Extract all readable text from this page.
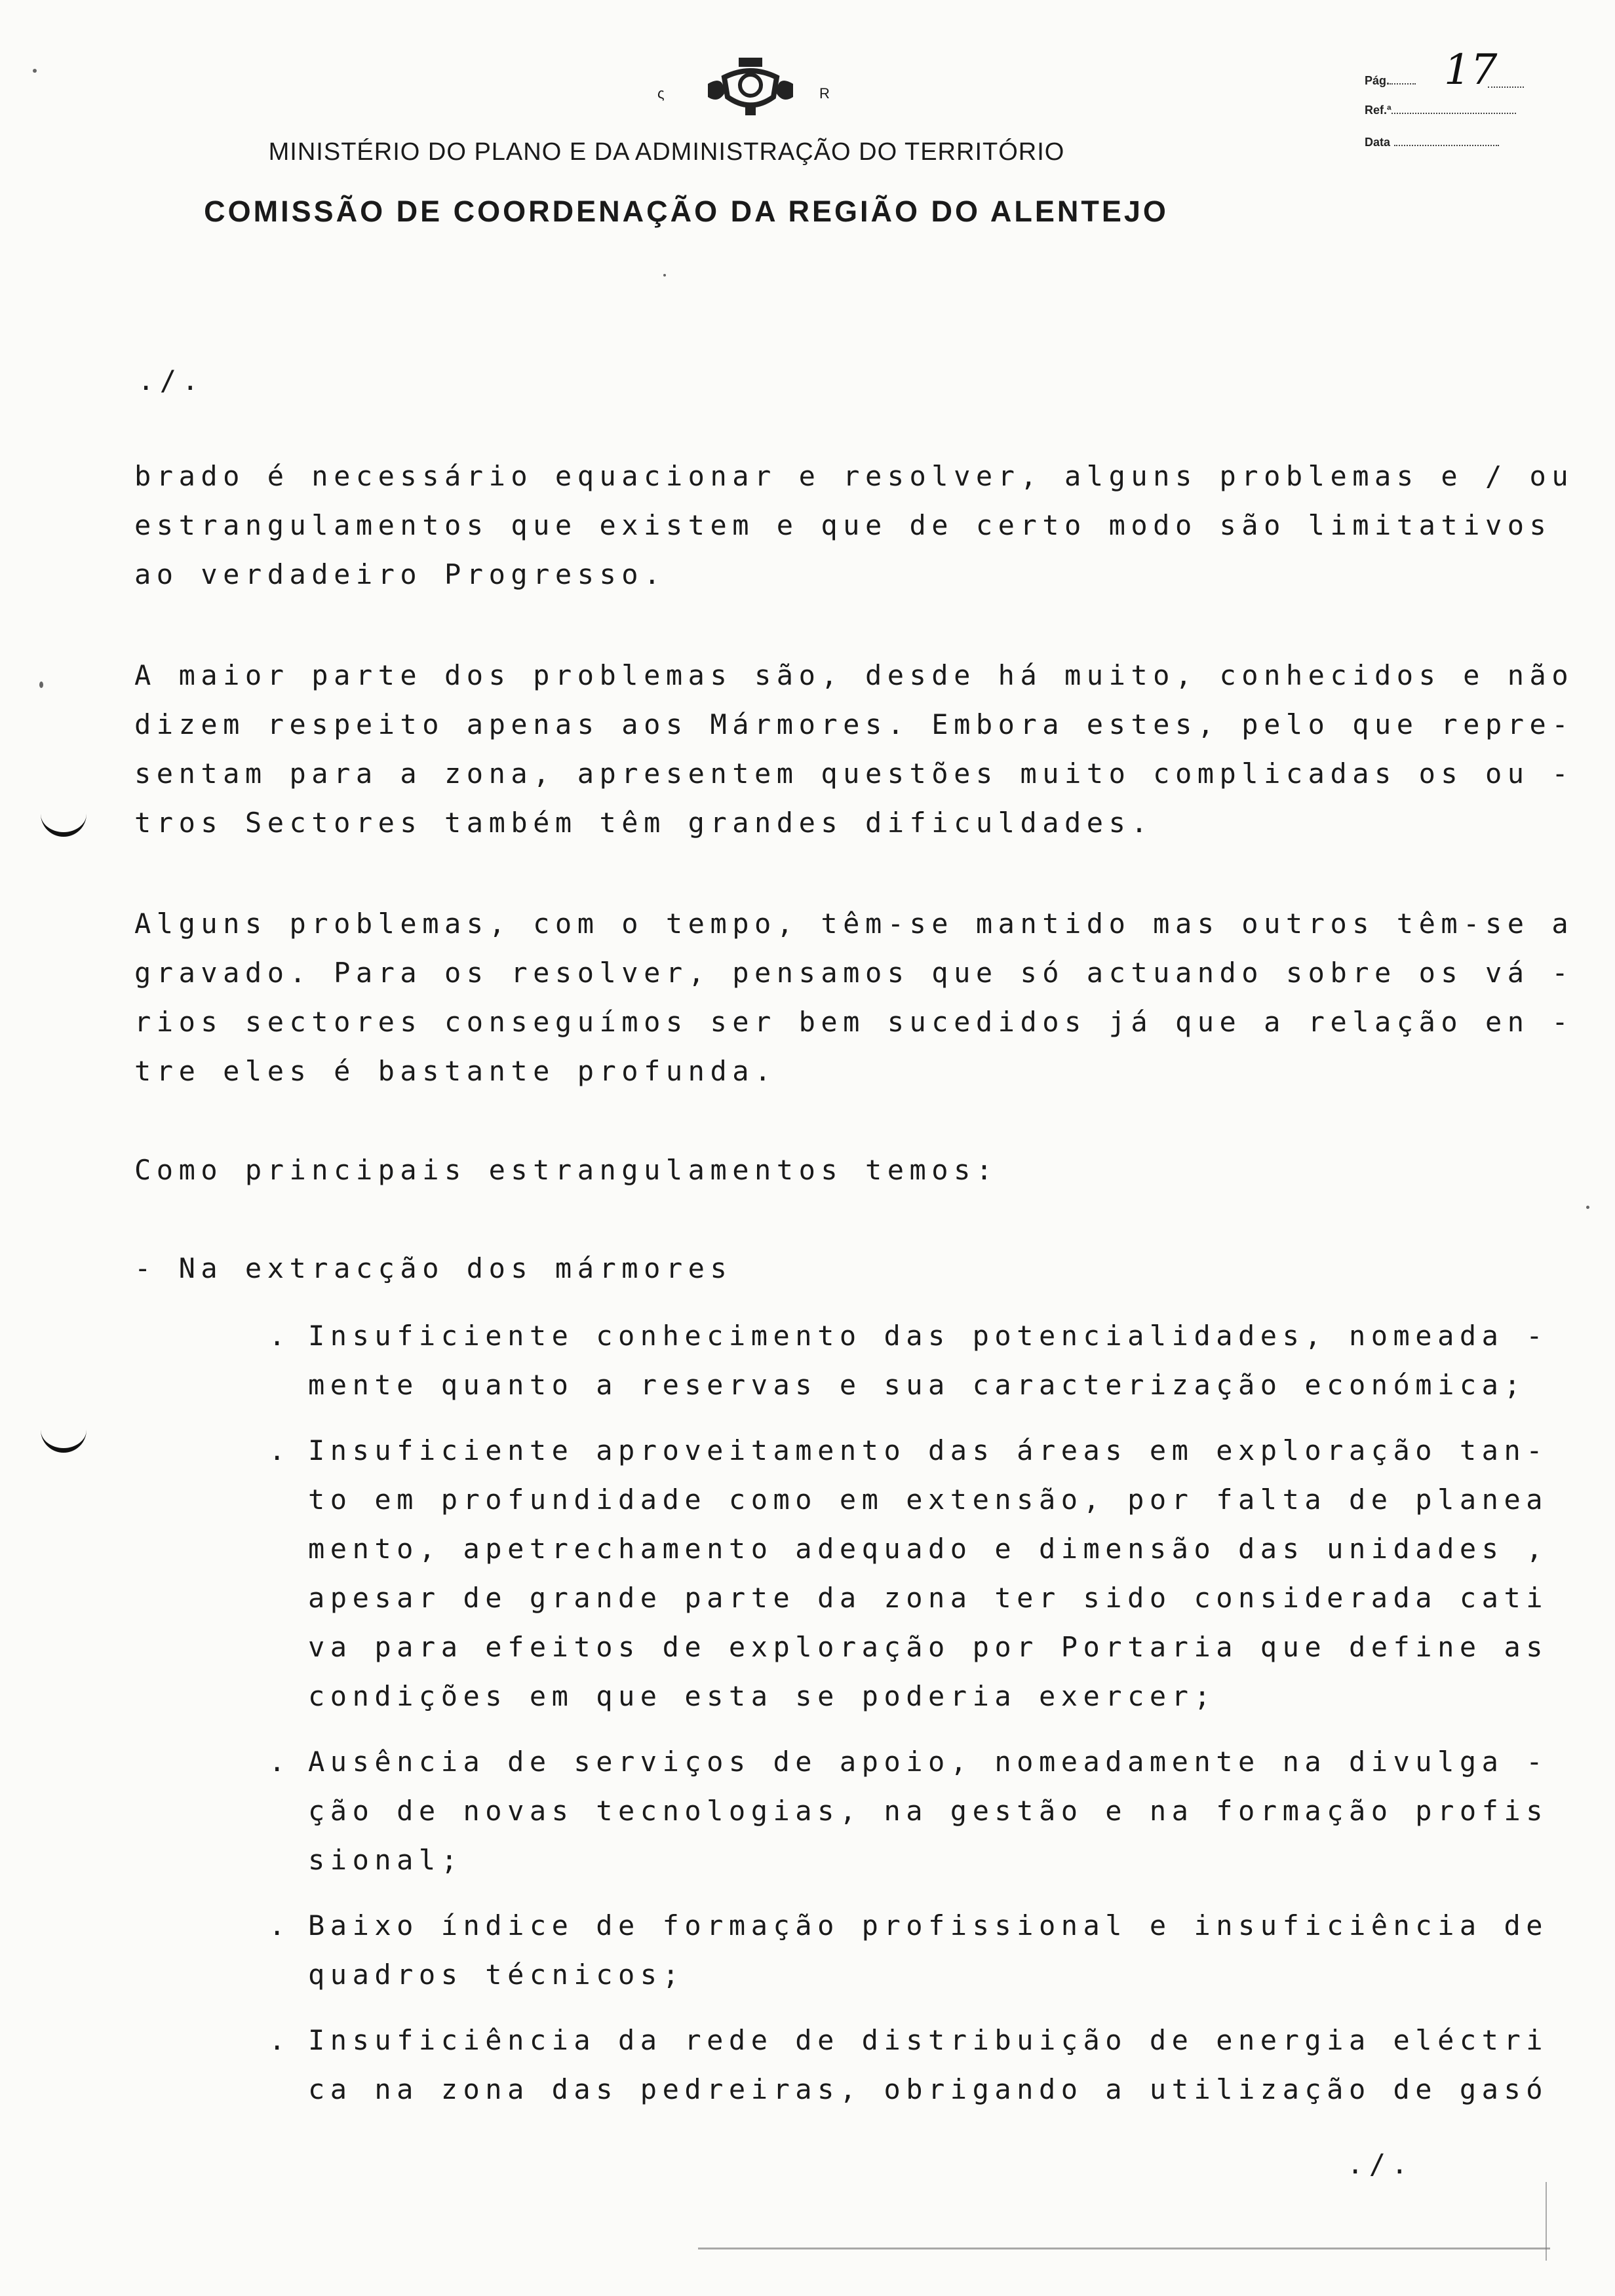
⁠ς	R
MINISTÉRIO DO PLANO E DA ADMINISTRAÇÃO DO TERRITÓRIO
COMISSÃO DE COORDENAÇÃO DA REGIÃO DO ALENTEJO
Pág.	17
Ref.ª
Data
./.
brado é necessário equacionar e resolver, alguns problemas e / ou
estrangulamentos que existem e que de certo modo são limitativos
ao verdadeiro Progresso.
A maior parte dos problemas são, desde há muito, conhecidos e não
dizem respeito apenas aos Mármores. Embora estes, pelo que repre-
sentam para a zona, apresentem questões muito complicadas os ou -
tros Sectores também têm grandes dificuldades.
Alguns problemas, com o tempo, têm-se mantido mas outros têm-se a
gravado. Para os resolver, pensamos que só actuando sobre os vá -
rios sectores conseguímos ser bem sucedidos já que a relação en -
tre eles é bastante profunda.
Como principais estrangulamentos temos:
- Na extracção dos mármores
. Insuficiente conhecimento das potencialidades, nomeada -
mente quanto a reservas e sua caracterização económica;
. Insuficiente aproveitamento das áreas em exploração tan-
to em profundidade como em extensão, por falta de planea
mento, apetrechamento adequado e dimensão das unidades ,
apesar de grande parte da zona ter sido considerada cati
va para efeitos de exploração por Portaria que define as
condições em que esta se poderia exercer;
. Ausência de serviços de apoio, nomeadamente na divulga -
ção de novas tecnologias, na gestão e na formação profis
sional;
. Baixo índice de formação profissional e insuficiência de
quadros técnicos;
. Insuficiência da rede de distribuição de energia eléctri
ca na zona das pedreiras, obrigando a utilização de gasó
./.
